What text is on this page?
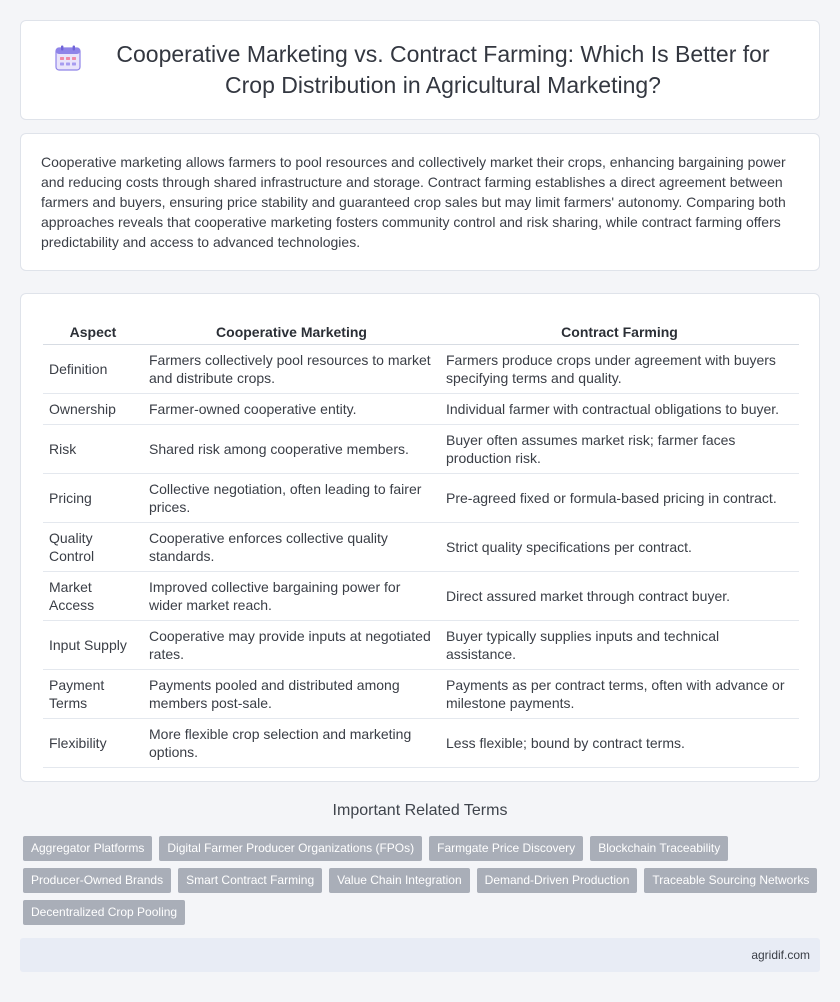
Cooperative Marketing vs. Contract Farming: Which Is Better for Crop Distribution in Agricultural Marketing?

Cooperative marketing allows farmers to pool resources and collectively market their crops, enhancing bargaining power and reducing costs through shared infrastructure and storage. Contract farming establishes a direct agreement between farmers and buyers, ensuring price stability and guaranteed crop sales but may limit farmers' autonomy. Comparing both approaches reveals that cooperative marketing fosters community control and risk sharing, while contract farming offers predictability and access to advanced technologies.

Aspect	Cooperative Marketing	Contract Farming
Definition	Farmers collectively pool resources to market and distribute crops.	Farmers produce crops under agreement with buyers specifying terms and quality.
Ownership	Farmer-owned cooperative entity.	Individual farmer with contractual obligations to buyer.
Risk	Shared risk among cooperative members.	Buyer often assumes market risk; farmer faces production risk.
Pricing	Collective negotiation, often leading to fairer prices.	Pre-agreed fixed or formula-based pricing in contract.
Quality Control	Cooperative enforces collective quality standards.	Strict quality specifications per contract.
Market Access	Improved collective bargaining power for wider market reach.	Direct assured market through contract buyer.
Input Supply	Cooperative may provide inputs at negotiated rates.	Buyer typically supplies inputs and technical assistance.
Payment Terms	Payments pooled and distributed among members post-sale.	Payments as per contract terms, often with advance or milestone payments.
Flexibility	More flexible crop selection and marketing options.	Less flexible; bound by contract terms.
Important Related Terms
Aggregator Platforms	Digital Farmer Producer Organizations (FPOs)	Farmgate Price Discovery	Blockchain Traceability
Producer-Owned Brands	Smart Contract Farming	Value Chain Integration	Demand-Driven Production	Traceable Sourcing Networks
Decentralized Crop Pooling
agridif.com
